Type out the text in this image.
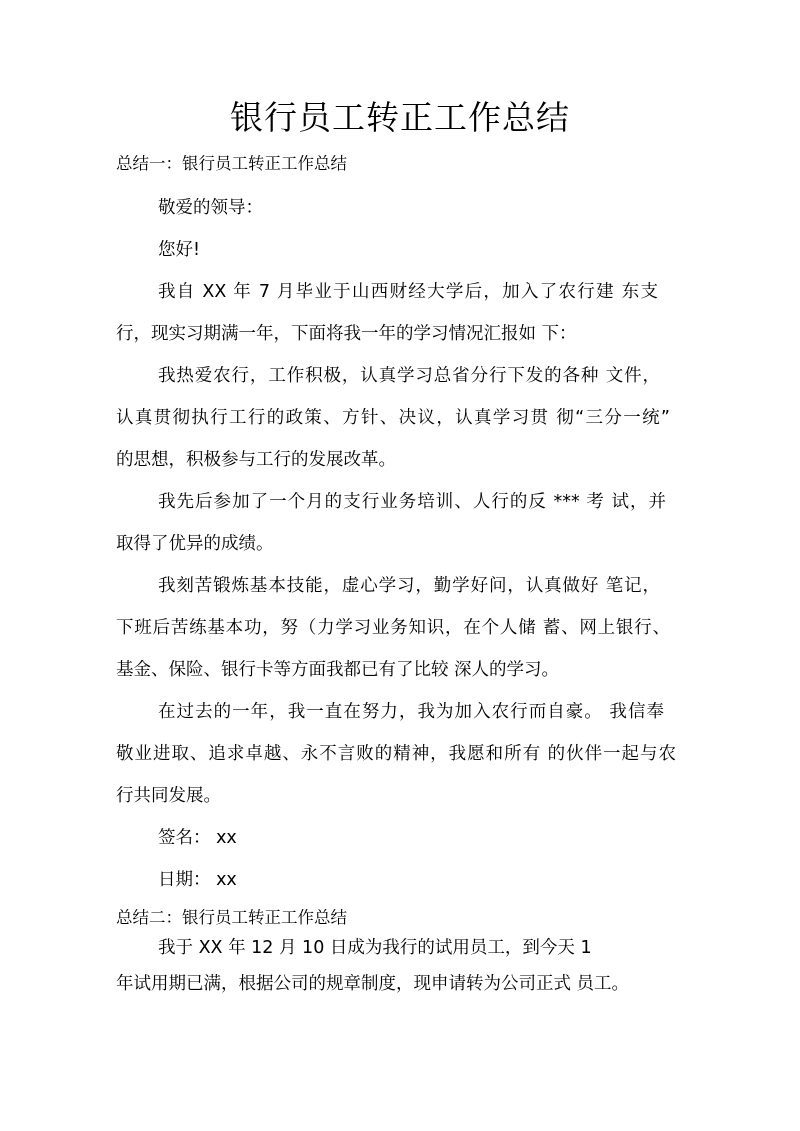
银行员工转正工作总结

总结一：银行员工转正工作总结

敬爱的领导：

您好!

我自 XX 年 7 月毕业于山西财经大学后，加入了农行建 东支

行，现实习期满一年，下面将我一年的学习情况汇报如 下：

我热爱农行，工作积极，认真学习总省分行下发的各种 文件，

认真贯彻执行工行的政策、方针、决议，认真学习贯 彻“三分一统”

的思想，积极参与工行的发展改革。

我先后参加了一个月的支行业务培训、人行的反 *** 考 试，并

取得了优异的成绩。

我刻苦锻炼基本技能，虚心学习，勤学好问，认真做好 笔记，

下班后苦练基本功，努（力学习业务知识，在个人储 蓄、网上银行、

基金、保险、银行卡等方面我都已有了比较 深人的学习。

在过去的一年，我一直在努力，我为加入农行而自豪。 我信奉

敬业进取、追求卓越、永不言败的精神，我愿和所有 的伙伴一起与农

行共同发展。

签名： xx

日期： xx

总结二：银行员工转正工作总结

我于 XX 年 12 月 10 日成为我行的试用员工，到今天 1

年试用期已满，根据公司的规章制度，现申请转为公司正式 员工。
